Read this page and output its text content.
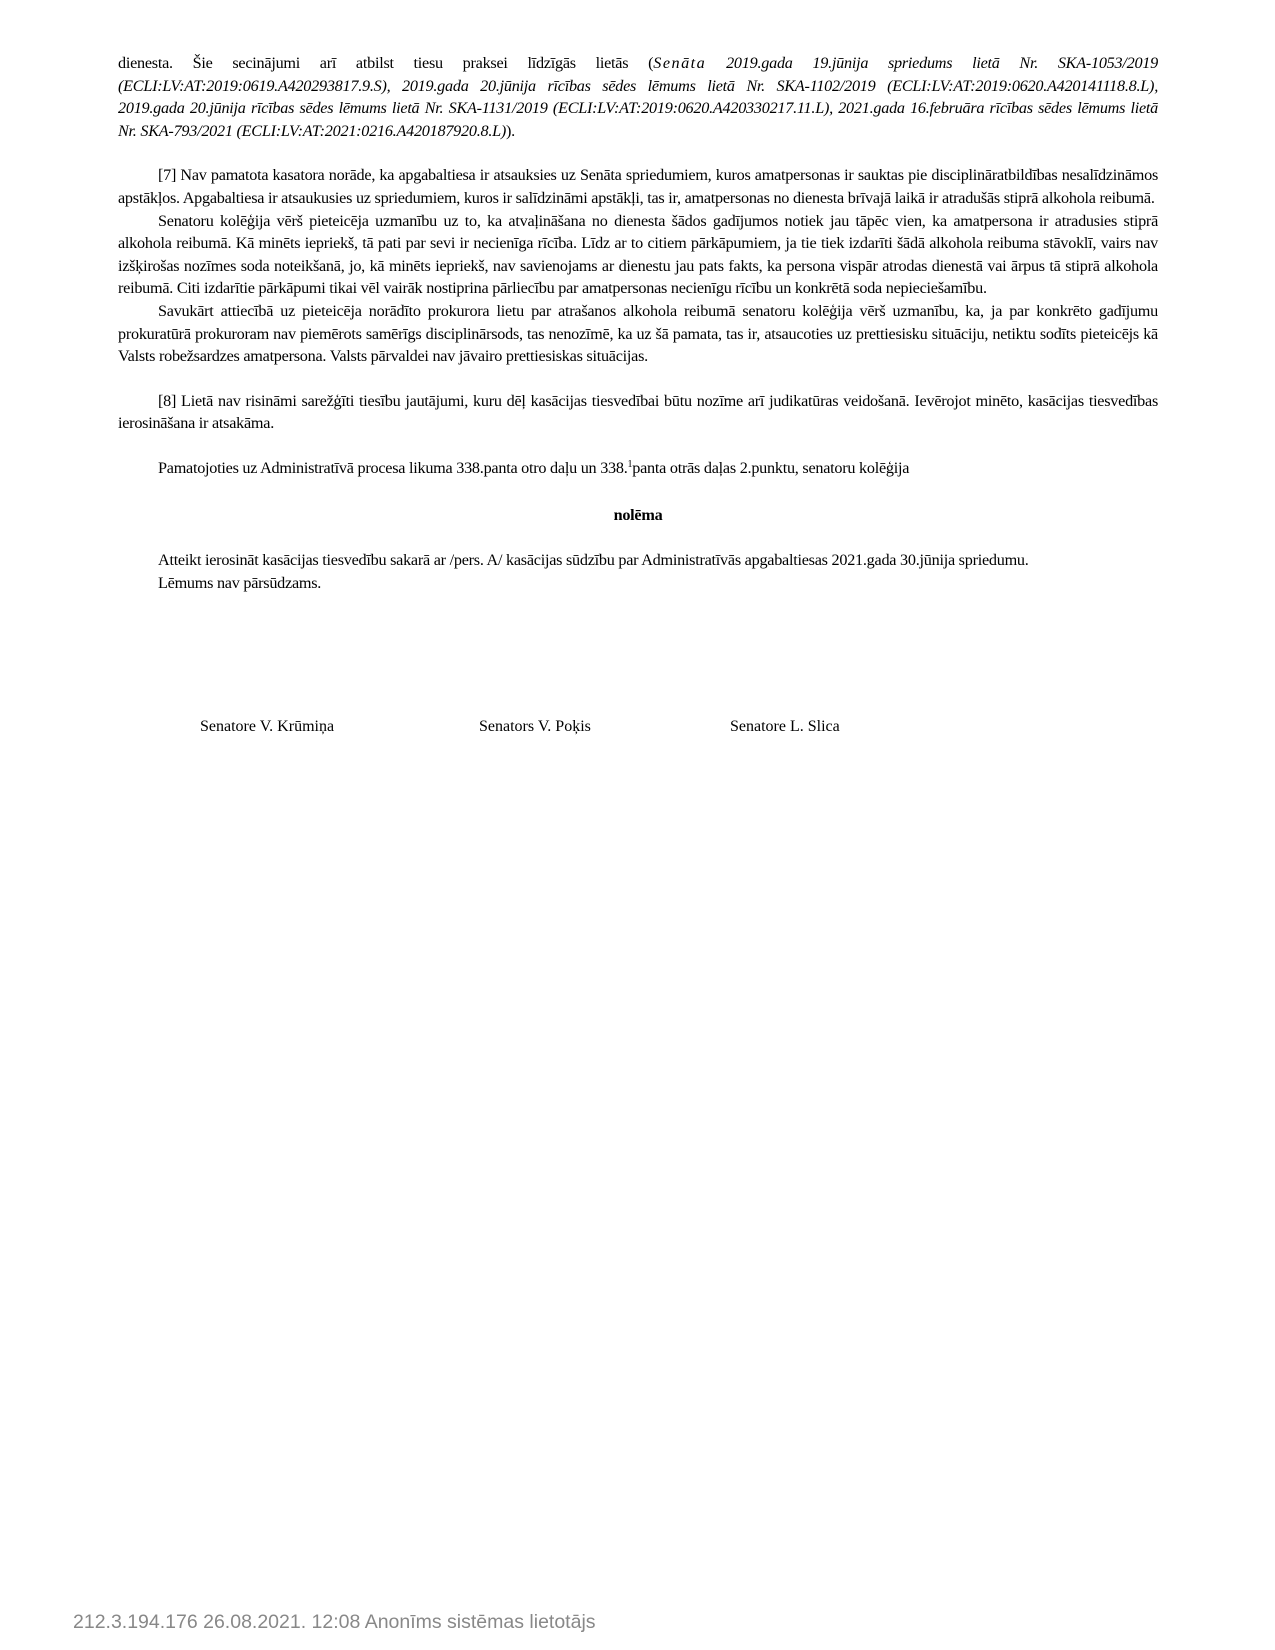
dienesta. Šie secinājumi arī atbilst tiesu praksei līdzīgās lietās (Senāta 2019.gada 19.jūnija spriedums lietā Nr. SKA-1053/2019 (ECLI:LV:AT:2019:0619.A420293817.9.S), 2019.gada 20.jūnija rīcības sēdes lēmums lietā Nr. SKA-1102/2019 (ECLI:LV:AT:2019:0620.A420141118.8.L), 2019.gada 20.jūnija rīcības sēdes lēmums lietā Nr. SKA-1131/2019 (ECLI:LV:AT:2019:0620.A420330217.11.L), 2021.gada 16.februāra rīcības sēdes lēmums lietā Nr. SKA-793/2021 (ECLI:LV:AT:2021:0216.A420187920.8.L)).

[7] Nav pamatota kasatora norāde, ka apgabaltiesa ir atsauksies uz Senāta spriedumiem, kuros amatpersonas ir sauktas pie disciplināratbildības nesalīdzināmos apstākļos. Apgabaltiesa ir atsaukusies uz spriedumiem, kuros ir salīdzināmi apstākļi, tas ir, amatpersonas no dienesta brīvajā laikā ir atradušās stiprā alkohola reibumā.

Senatoru kolēģija vērš pieteicēja uzmanību uz to, ka atvaļināšana no dienesta šādos gadījumos notiek jau tāpēc vien, ka amatpersona ir atradusies stiprā alkohola reibumā. Kā minēts iepriekš, tā pati par sevi ir necienīga rīcība. Līdz ar to citiem pārkāpumiem, ja tie tiek izdarīti šādā alkohola reibuma stāvoklī, vairs nav izšķirošas nozīmes soda noteikšanā, jo, kā minēts iepriekš, nav savienojams ar dienestu jau pats fakts, ka persona vispār atrodas dienestā vai ārpus tā stiprā alkohola reibumā. Citi izdarītie pārkāpumi tikai vēl vairāk nostiprina pārliecību par amatpersonas necienīgu rīcību un konkrētā soda nepieciešamību.

Savukārt attiecībā uz pieteicēja norādīto prokurora lietu par atrašanos alkohola reibumā senatoru kolēģija vērš uzmanību, ka, ja par konkrēto gadījumu prokuratūrā prokuroram nav piemērots samērīgs disciplinārsods, tas nenozīmē, ka uz šā pamata, tas ir, atsaucoties uz prettiesisku situāciju, netiktu sodīts pieteicējs kā Valsts robežsardzes amatpersona. Valsts pārvaldei nav jāvairo prettiesiskas situācijas.

[8] Lietā nav risināmi sarežģīti tiesību jautājumi, kuru dēļ kasācijas tiesvedībai būtu nozīme arī judikatūras veidošanā. Ievērojot minēto, kasācijas tiesvedības ierosināšana ir atsakāma.

Pamatojoties uz Administratīvā procesa likuma 338.panta otro daļu un 338.$^1$panta otrās daļas 2.punktu, senatoru kolēģija

nolēma

Atteikt ierosināt kasācijas tiesvedību sakarā ar /pers. A/ kasācijas sūdzību par Administratīvās apgabaltiesas 2021.gada 30.jūnija spriedumu.
Lēmums nav pārsūdzams.
Senatore V. Krūmiņa	Senators V. Poķis	Senatore L. Slica
212.3.194.176 26.08.2021. 12:08 Anonīms sistēmas lietotājs
